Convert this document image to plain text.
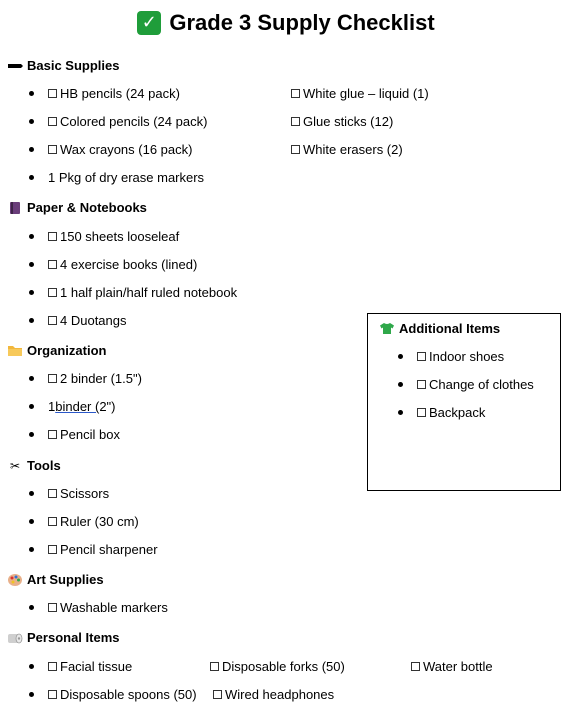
✓ Grade 3 Supply Checklist
Basic Supplies
HB pencils (24 pack)
Colored pencils (24 pack)
Wax crayons (16 pack)
1 Pkg of dry erase markers
White glue – liquid (1)
Glue sticks (12)
White erasers (2)
Paper & Notebooks
150 sheets looseleaf
4 exercise books (lined)
1 half plain/half ruled notebook
4 Duotangs
Organization
2 binder (1.5")
1 binder ( 2")
Pencil box
✂ Tools
Scissors
Ruler (30 cm)
Pencil sharpener
Art Supplies
Washable markers
Personal Items
Facial tissue
Disposable spoons (50)
Disposable forks (50)
Wired headphones
Water bottle
Additional Items
Indoor shoes
Change of clothes
Backpack
